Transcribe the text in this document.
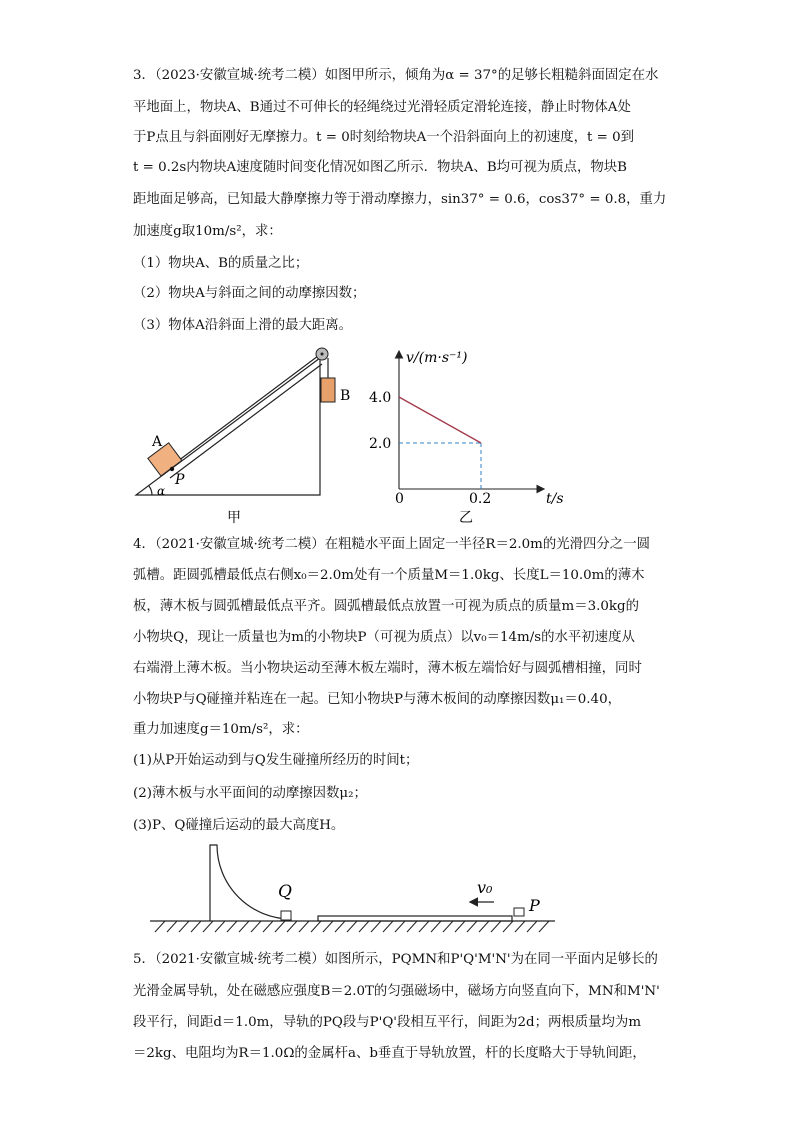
3．（2023·安徽宣城·统考二模）如图甲所示，倾角为α = 37°的足够长粗糙斜面固定在水
平地面上，物块A、B通过不可伸长的轻绳绕过光滑轻质定滑轮连接，静止时物体A处
于P点且与斜面刚好无摩擦力。t = 0时刻给物块A一个沿斜面向上的初速度，t = 0到
t = 0.2s内物块A速度随时间变化情况如图乙所示．物块A、B均可视为质点，物块B
距地面足够高，已知最大静摩擦力等于滑动摩擦力，sin37° = 0.6，cos37° = 0.8，重力
加速度g取10m/s²，求：
（1）物块A、B的质量之比；
（2）物块A与斜面之间的动摩擦因数；
（3）物体A沿斜面上滑的最大距离。
A
B
P
α
甲
4.0
2.0
0.2
v/(m·s⁻¹)
t/s
0
乙
4．（2021·安徽宣城·统考二模）在粗糙水平面上固定一半径R＝2.0m的光滑四分之一圆
弧槽。距圆弧槽最低点右侧x₀＝2.0m处有一个质量M＝1.0kg、长度L＝10.0m的薄木
板，薄木板与圆弧槽最低点平齐。圆弧槽最低点放置一可视为质点的质量m＝3.0kg的
小物块Q，现让一质量也为m的小物块P（可视为质点）以v₀＝14m/s的水平初速度从
右端滑上薄木板。当小物块运动至薄木板左端时，薄木板左端恰好与圆弧槽相撞，同时
小物块P与Q碰撞并粘连在一起。已知小物块P与薄木板间的动摩擦因数μ₁＝0.40，
重力加速度g＝10m/s²，求：
(1)从P开始运动到与Q发生碰撞所经历的时间t；
(2)薄木板与水平面间的动摩擦因数μ₂；
(3)P、Q碰撞后运动的最大高度H。
Q
P
v₀
5．（2021·安徽宣城·统考二模）如图所示，PQMN和P'Q'M'N'为在同一平面内足够长的
光滑金属导轨，处在磁感应强度B＝2.0T的匀强磁场中，磁场方向竖直向下，MN和M'N'
段平行，间距d＝1.0m，导轨的PQ段与P'Q'段相互平行，间距为2d；两根质量均为m
＝2kg、电阻均为R＝1.0Ω的金属杆a、b垂直于导轨放置，杆的长度略大于导轨间距，
